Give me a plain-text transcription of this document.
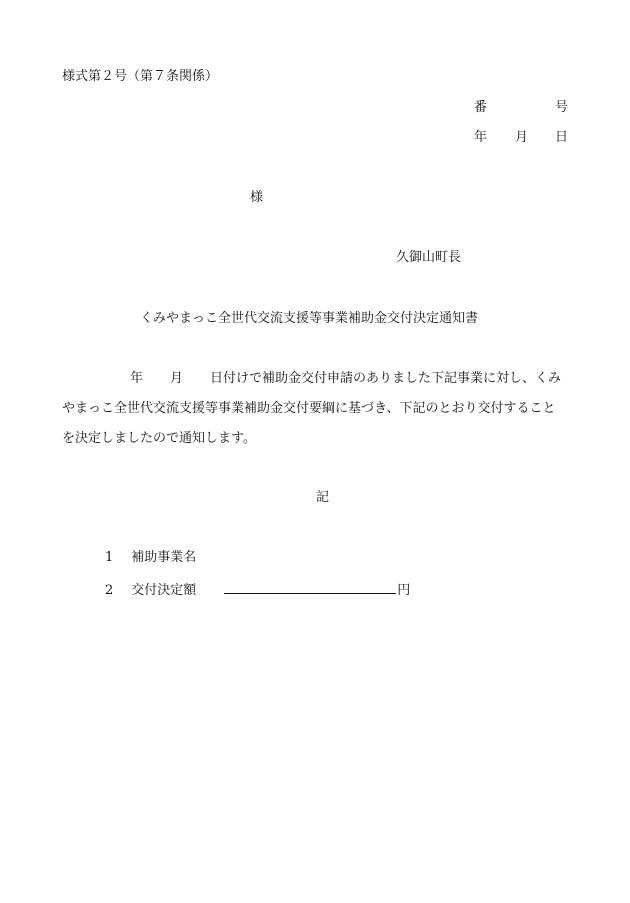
様式第２号（第７条関係）
番	号
年 月 日
様
久御山町長
くみやまっこ全世代交流支援等事業補助金交付決定通知書
年 月 日付けで補助金交付申請のありました下記事業に対し、くみ
やまっこ全世代交流支援等事業補助金交付要綱に基づき、下記のとおり交付すること
を決定しましたので通知します。
記
1 補助事業名
2 交付決定額	円
